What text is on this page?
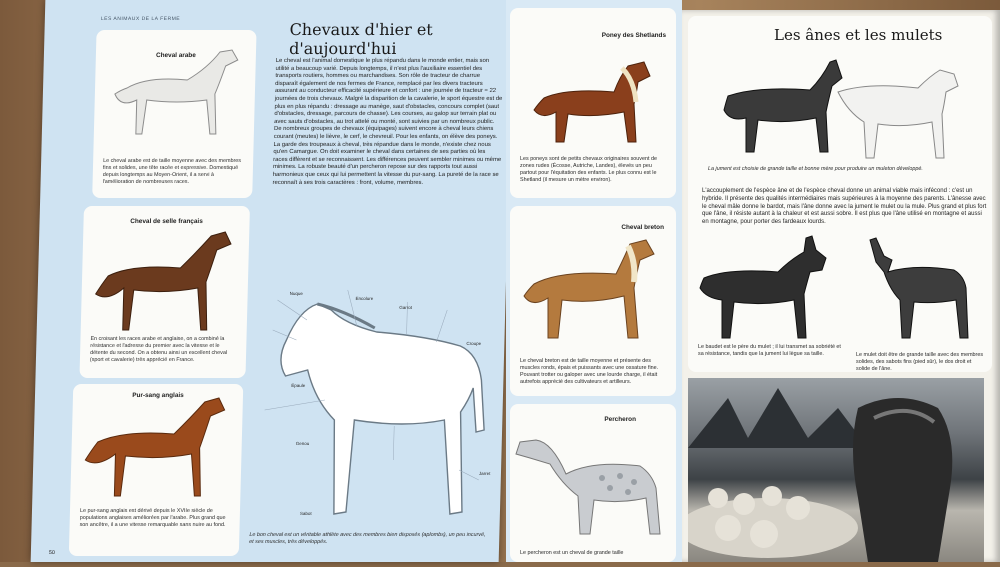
LES ANIMAUX DE LA FERME
Chevaux d'hier et d'aujourd'hui
Cheval arabe
Le cheval arabe est de taille moyenne avec des membres fins et solides, une tête racée et expressive. Domestiqué depuis longtemps au Moyen-Orient, il a servi à l'amélioration de nombreuses races.
Cheval de selle français
En croisant les races arabe et anglaise, on a combiné la résistance et l'adresse du premier avec la vitesse et le détente du second. On a obtenu ainsi un excellent cheval (sport et cavalerie) très apprécié en France.
Pur-sang anglais
Le pur-sang anglais est dérivé depuis le XVIIe siècle de populations anglaises améliorées par l'arabe. Plus grand que son ancêtre, il a une vitesse remarquable sans nuire au fond.
Le cheval est l'animal domestique le plus répandu dans le monde entier, mais son utilité a beaucoup varié. Depuis longtemps, il n'est plus l'auxiliaire essentiel des transports routiers, hommes ou marchandises. Son rôle de tracteur de charrue disparaît également de nos fermes de France, remplacé par les divers tracteurs assurant au conducteur efficacité supérieure et confort : une journée de tracteur = 22 journées de trois chevaux. Malgré la disparition de la cavalerie, le sport équestre est de plus en plus répandu : dressage au manège, saut d'obstacles, concours complet (saut d'obstacles, dressage, parcours de chasse). Les courses, au galop sur terrain plat ou avec sauts d'obstacles, au trot attelé ou monté, sont suivies par un nombreux public. De nombreux groupes de chevaux (équipages) suivent encore à cheval leurs chiens courant (meutes) le lièvre, le cerf, le chevreuil. Pour les enfants, on élève des poneys. La garde des troupeaux à cheval, très répandue dans le monde, n'existe chez nous qu'en Camargue. On doit examiner le cheval dans certaines de ses parties où les races diffèrent et se reconnaissent. Les différences peuvent sembler minimes ou même minimes. La robuste beauté d'un percheron repose sur des rapports tout aussi harmonieux que ceux qui lui permettent la vitesse du pur-sang. La pureté de la race se reconnaît à ses trois caractères : front, volume, membres.
Nuque
Encolure
Garrot
Croupe
Épaule
Genou
Jarret
Sabot
Le bon cheval est un véritable athlète avec des membres bien disposés (aplombs), un peu incurvé, et ses muscles, très développés.
50
Poney des Shetlands
Les poneys sont de petits chevaux originaires souvent de zones rudes (Écosse, Autriche, Landes), élevés un peu partout pour l'équitation des enfants. Le plus connu est le Shetland (il mesure un mètre environ).
Cheval breton
Le cheval breton est de taille moyenne et présente des muscles ronds, épais et puissants avec une ossature fine. Pouvant trotter ou galoper avec une lourde charge, il était autrefois apprécié des cultivateurs et artilleurs.
Percheron
Le percheron est un cheval de grande taille
Les ânes et les mulets
La jument est choisie de grande taille et bonne mère pour produire un muleton développé.
L'accouplement de l'espèce âne et de l'espèce cheval donne un animal viable mais infécond : c'est un hybride. Il présente des qualités intermédiaires mais supérieures à la moyenne des parents. L'ânesse avec le cheval mâle donne le bardot, mais l'âne donne avec la jument le mulet ou la mule. Plus grand et plus fort que l'âne, il résiste autant à la chaleur et est aussi sobre. Il est plus que l'âne utilisé en montagne et aussi en montagne, pour porter des fardeaux lourds.
Le baudet est le père du mulet ; il lui transmet sa sobriété et sa résistance, tandis que la jument lui lègue sa taille.	Le mulet doit être de grande taille avec des membres solides, des sabots fins (pied sûr), le dos droit et solide de l'âne.
